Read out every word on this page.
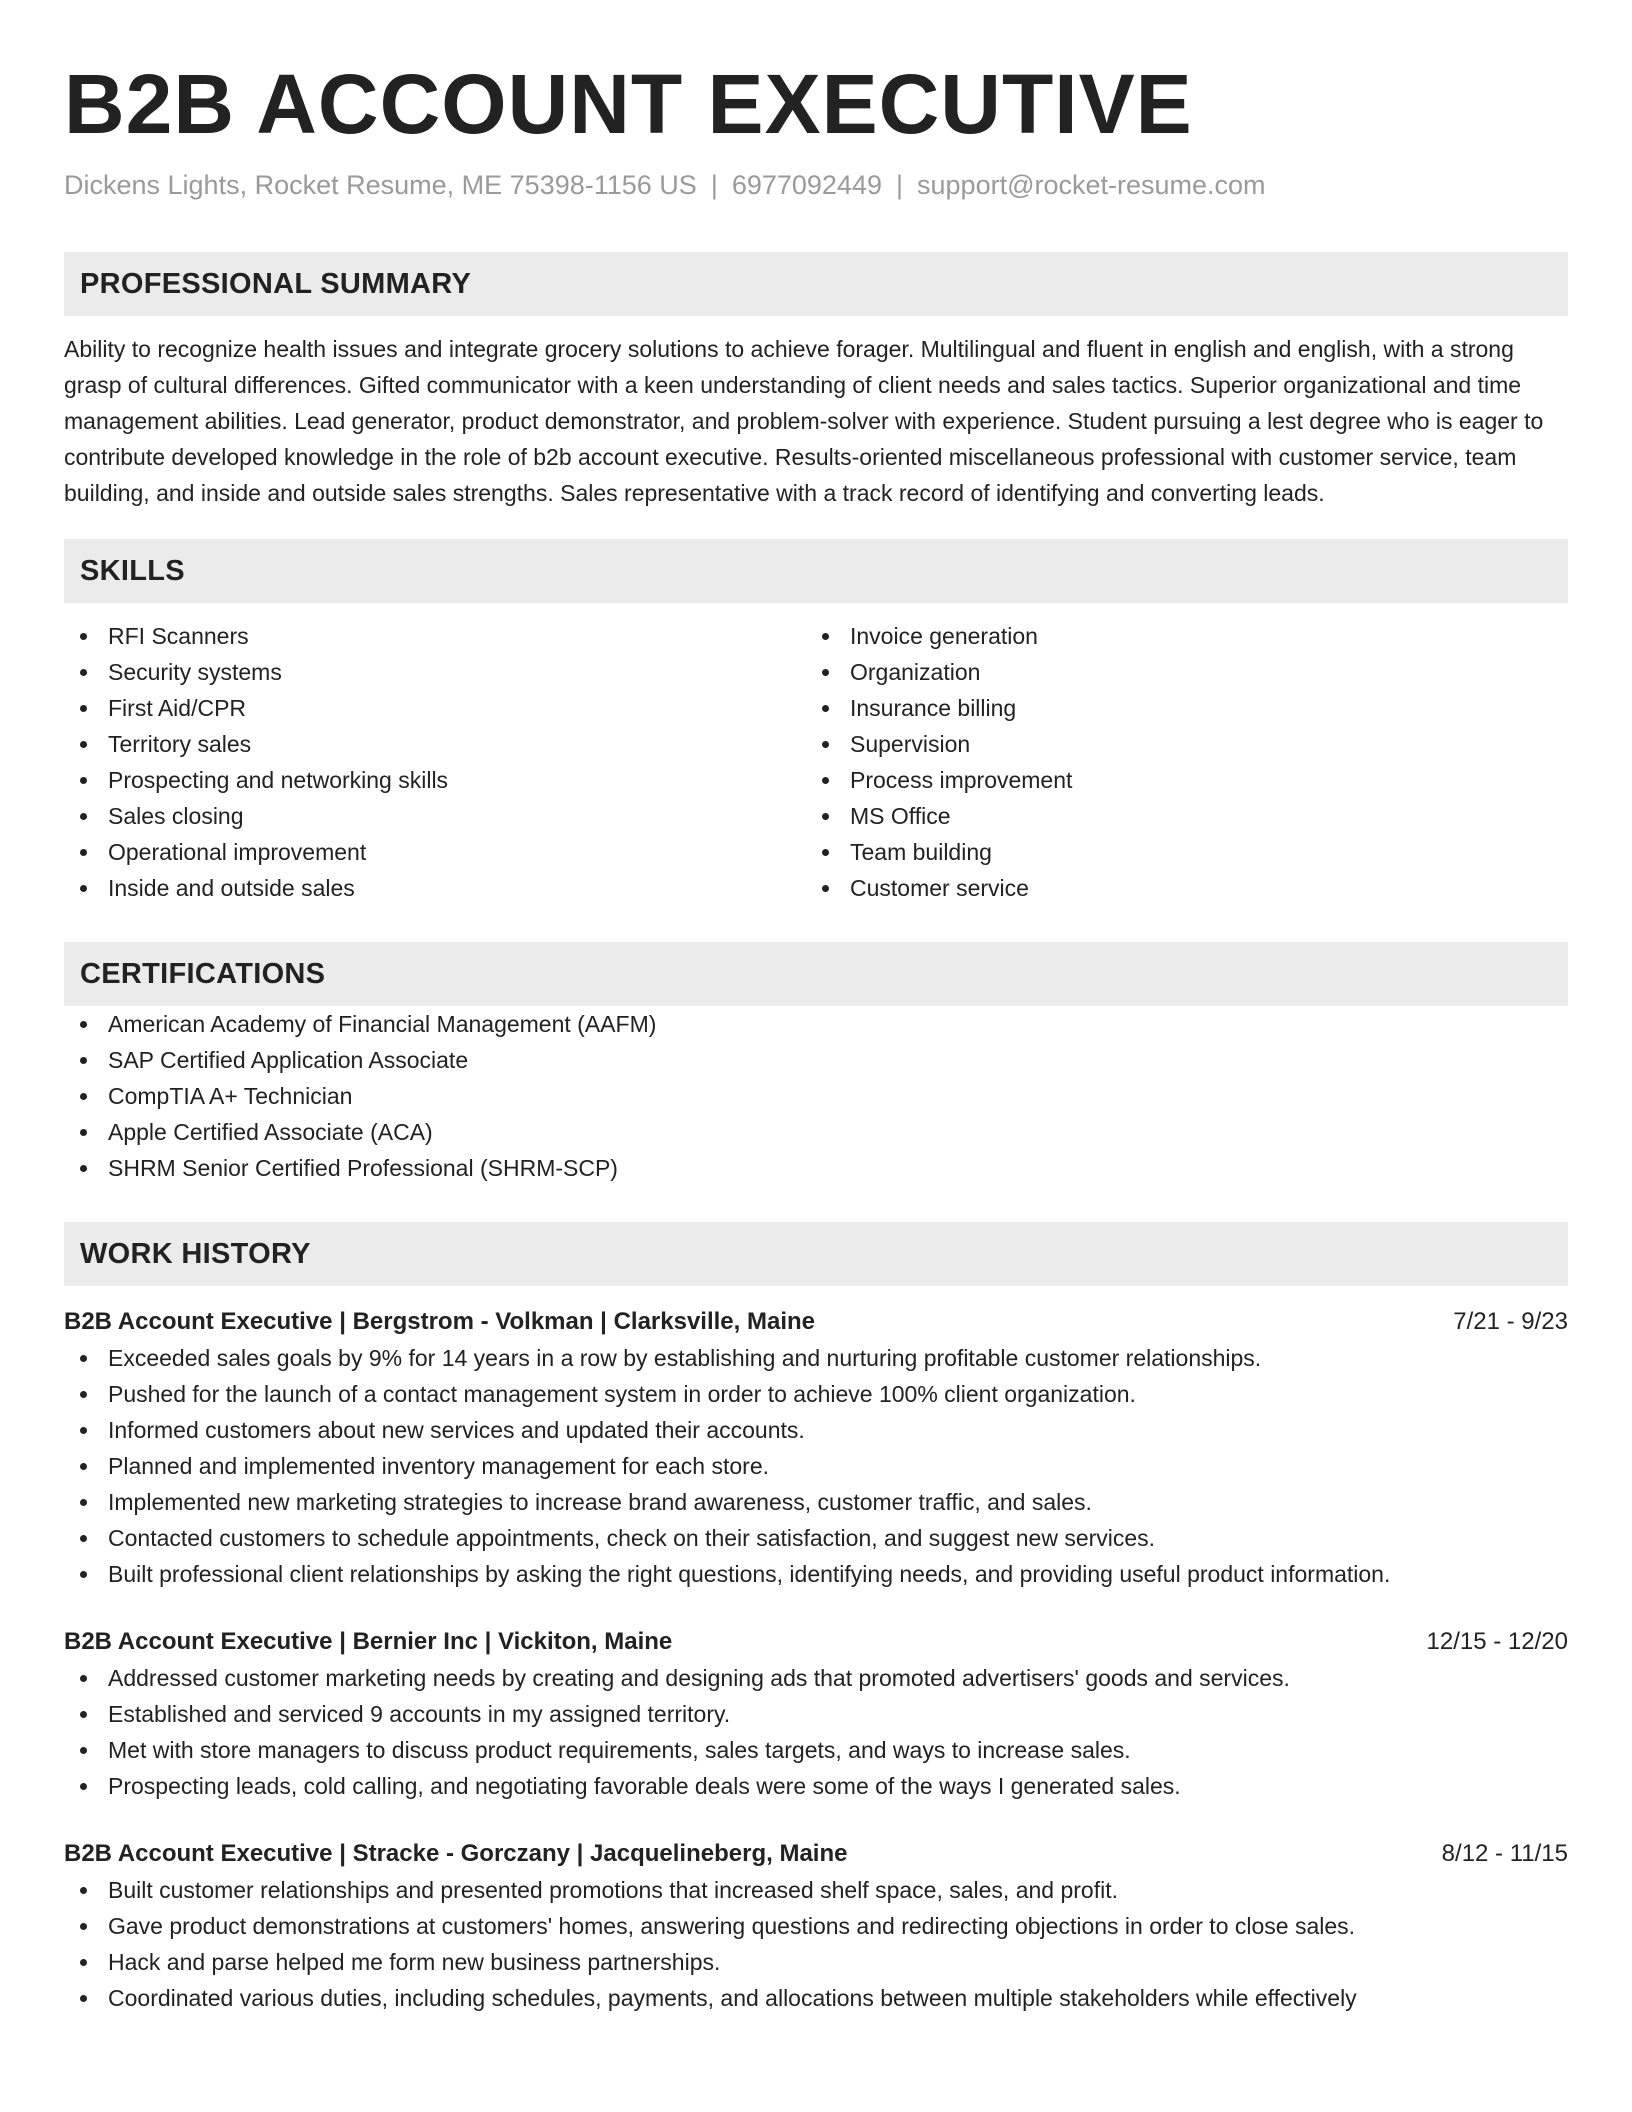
B2B ACCOUNT EXECUTIVE
Dickens Lights, Rocket Resume, ME 75398-1156 US | 6977092449 | support@rocket-resume.com
PROFESSIONAL SUMMARY

Ability to recognize health issues and integrate grocery solutions to achieve forager. Multilingual and fluent in english and english, with a strong grasp of cultural differences. Gifted communicator with a keen understanding of client needs and sales tactics. Superior organizational and time management abilities. Lead generator, product demonstrator, and problem-solver with experience. Student pursuing a lest degree who is eager to contribute developed knowledge in the role of b2b account executive. Results-oriented miscellaneous professional with customer service, team building, and inside and outside sales strengths. Sales representative with a track record of identifying and converting leads.

SKILLS
RFI Scanners
Security systems
First Aid/CPR
Territory sales
Prospecting and networking skills
Sales closing
Operational improvement
Inside and outside sales
Invoice generation
Organization
Insurance billing
Supervision
Process improvement
MS Office
Team building
Customer service
CERTIFICATIONS
American Academy of Financial Management (AAFM)
SAP Certified Application Associate
CompTIA A+ Technician
Apple Certified Associate (ACA)
SHRM Senior Certified Professional (SHRM-SCP)
WORK HISTORY
B2B Account Executive | Bergstrom - Volkman | Clarksville, Maine	7/21 - 9/23
Exceeded sales goals by 9% for 14 years in a row by establishing and nurturing profitable customer relationships.
Pushed for the launch of a contact management system in order to achieve 100% client organization.
Informed customers about new services and updated their accounts.
Planned and implemented inventory management for each store.
Implemented new marketing strategies to increase brand awareness, customer traffic, and sales.
Contacted customers to schedule appointments, check on their satisfaction, and suggest new services.
Built professional client relationships by asking the right questions, identifying needs, and providing useful product information.
B2B Account Executive | Bernier Inc | Vickiton, Maine	12/15 - 12/20
Addressed customer marketing needs by creating and designing ads that promoted advertisers' goods and services.
Established and serviced 9 accounts in my assigned territory.
Met with store managers to discuss product requirements, sales targets, and ways to increase sales.
Prospecting leads, cold calling, and negotiating favorable deals were some of the ways I generated sales.
B2B Account Executive | Stracke - Gorczany | Jacquelineberg, Maine	8/12 - 11/15
Built customer relationships and presented promotions that increased shelf space, sales, and profit.
Gave product demonstrations at customers' homes, answering questions and redirecting objections in order to close sales.
Hack and parse helped me form new business partnerships.
Coordinated various duties, including schedules, payments, and allocations between multiple stakeholders while effectively
